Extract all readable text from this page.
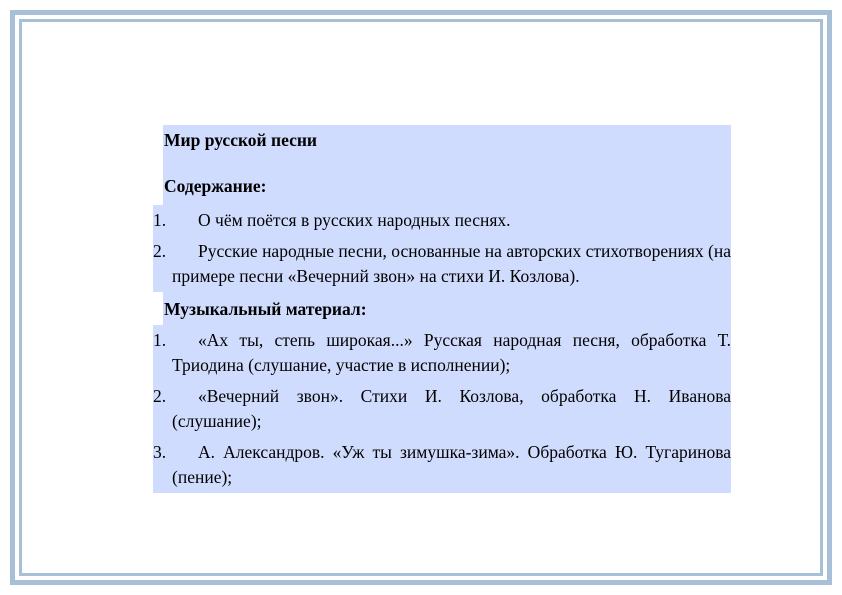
Мир русской песни
Содержание:
1.	О чём поётся в русских народных песнях.
2. Русские народные песни, основанные на авторских стихотворениях (на примере песни «Вечерний звон» на стихи И. Козлова).
Музыкальный материал:
1. «Ах ты, степь широкая...» Русская народная песня, обработка Т. Триодина (слушание, участие в исполнении);
2. «Вечерний звон». Стихи И. Козлова, обработка Н. Иванова (слушание);
3. А. Александров. «Уж ты зимушка-зима». Обработка Ю. Тугаринова (пение);
